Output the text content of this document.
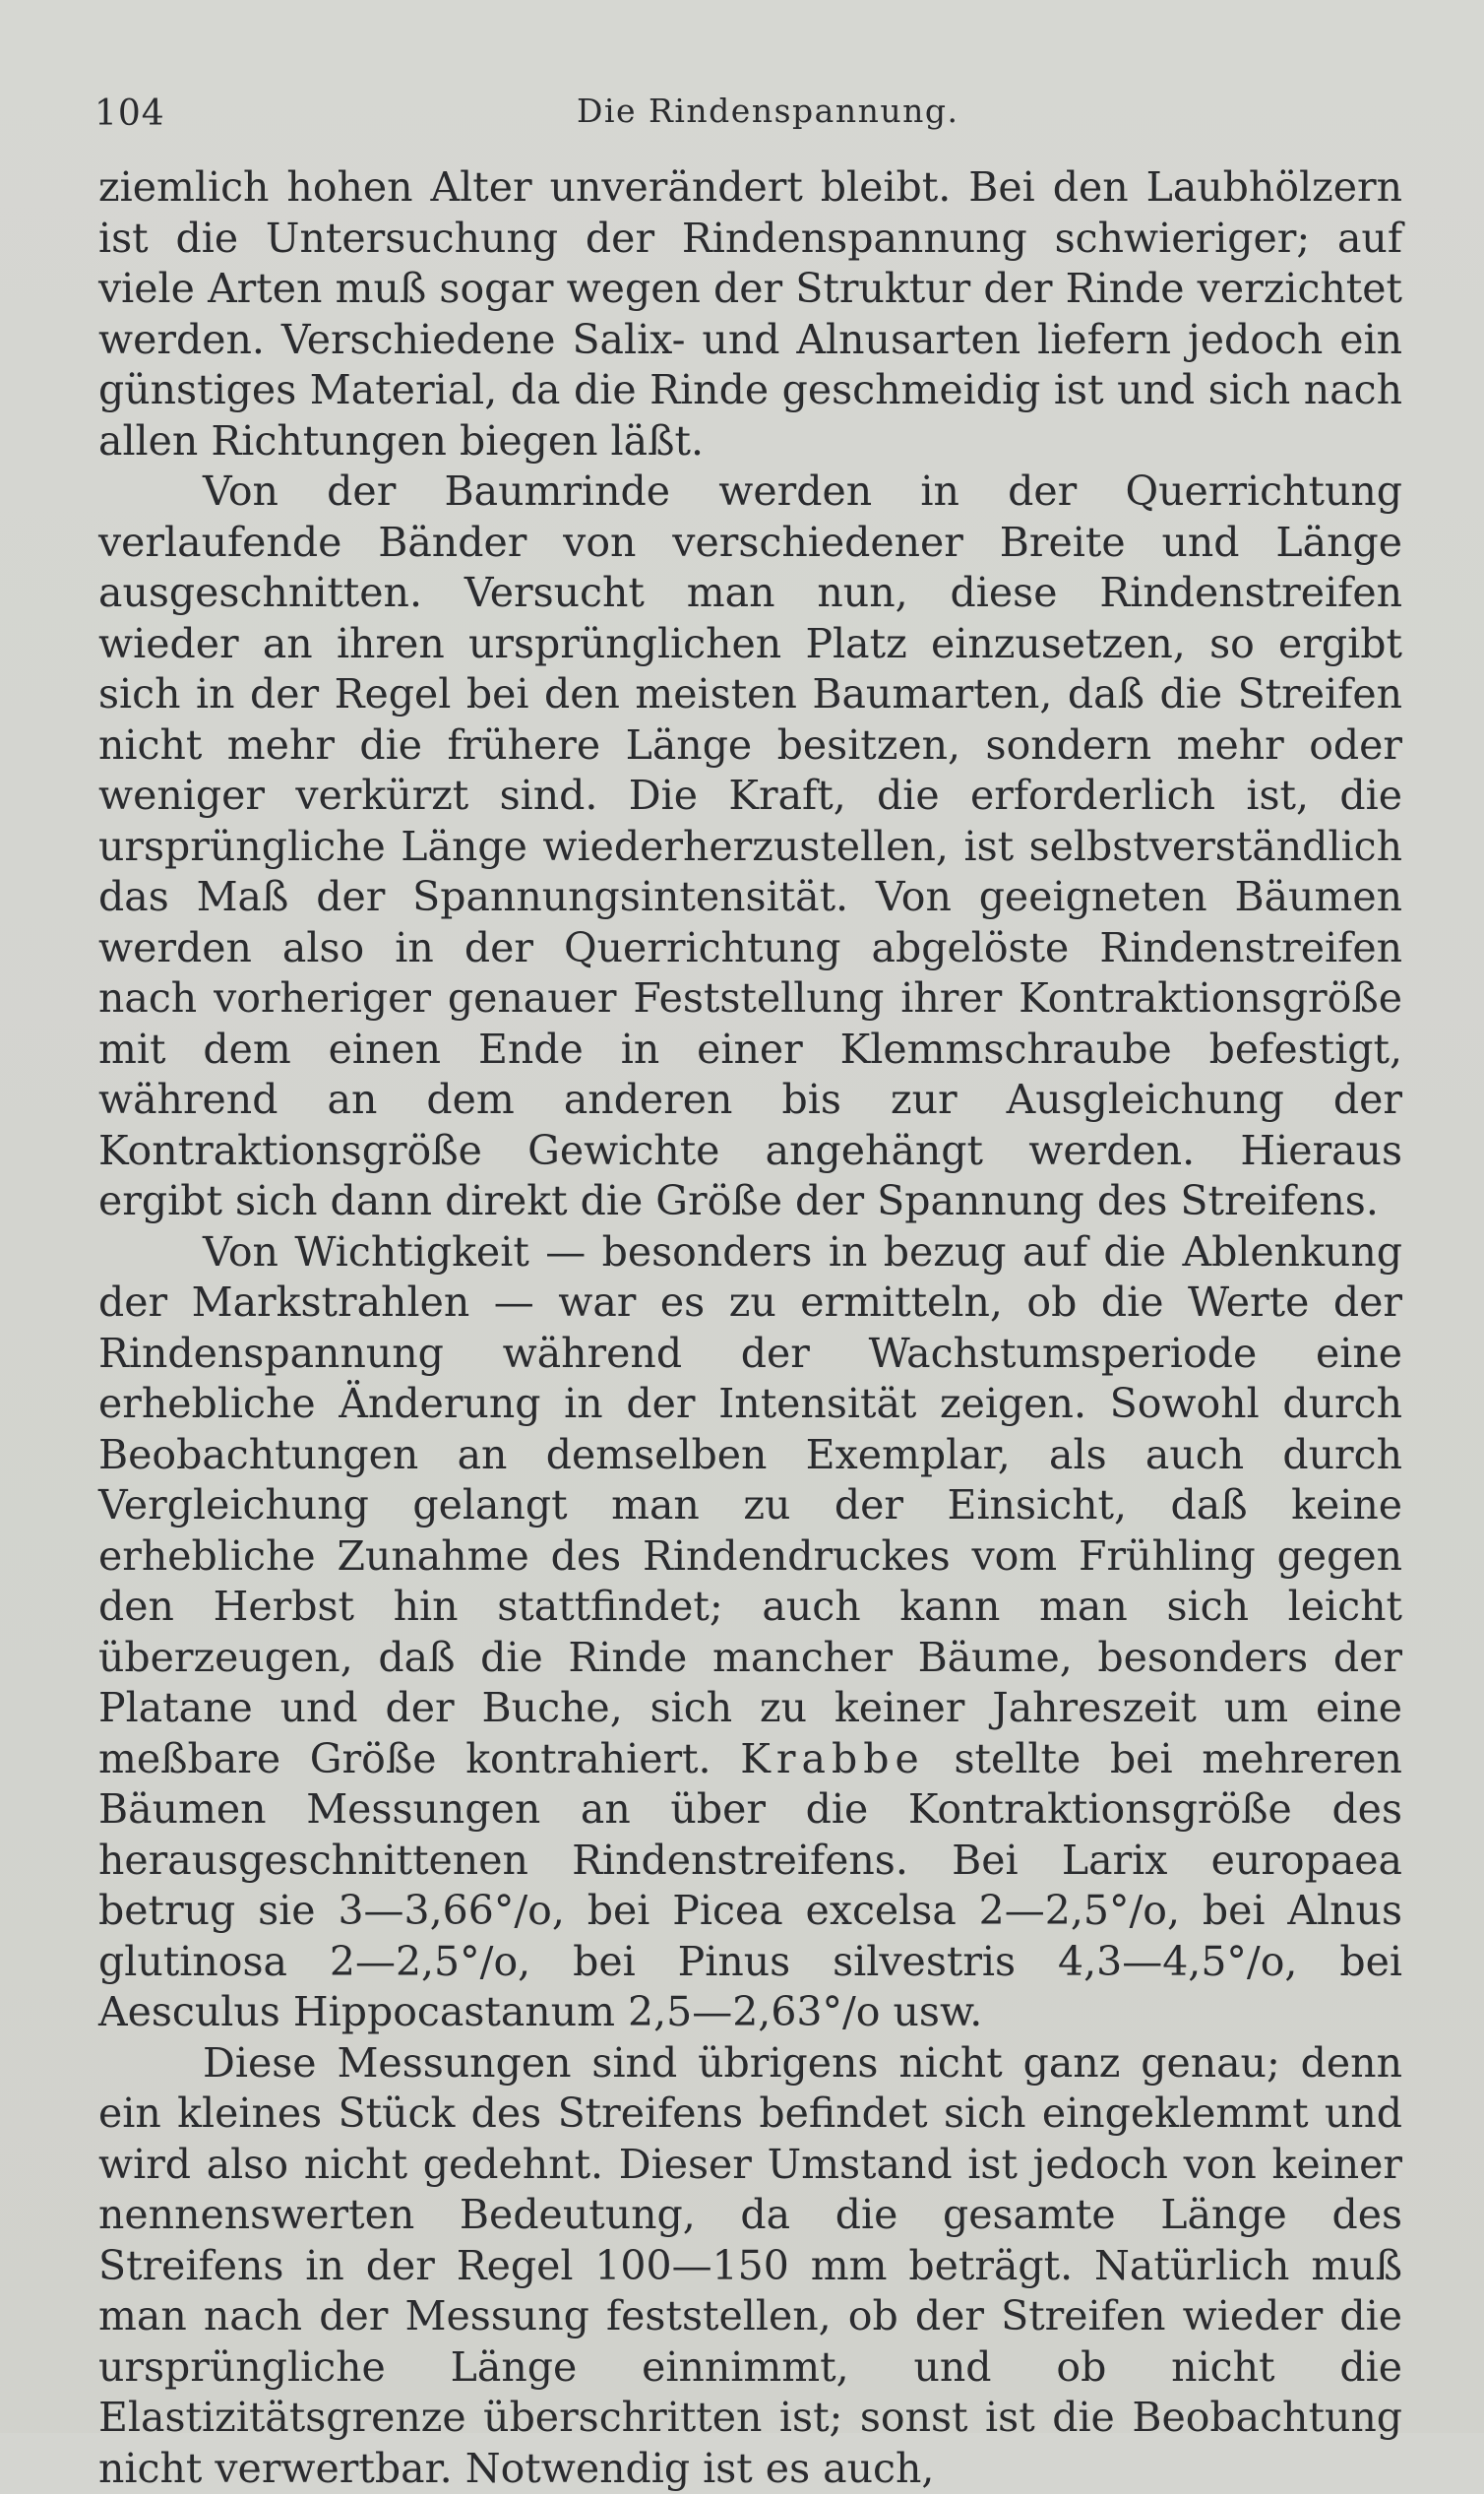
104	Die Rindenspannung.

ziemlich hohen Alter unverändert bleibt. Bei den Laubhölzern ist die Untersuchung der Rindenspannung schwieriger; auf viele Arten muß sogar wegen der Struktur der Rinde verzichtet werden. Verschiedene Salix- und Alnusarten liefern jedoch ein günstiges Material, da die Rinde geschmeidig ist und sich nach allen Richtungen biegen läßt.

Von der Baumrinde werden in der Querrichtung verlaufende Bänder von verschiedener Breite und Länge ausgeschnitten. Versucht man nun, diese Rindenstreifen wieder an ihren ursprünglichen Platz einzusetzen, so ergibt sich in der Regel bei den meisten Baumarten, daß die Streifen nicht mehr die frühere Länge besitzen, sondern mehr oder weniger verkürzt sind. Die Kraft, die erforderlich ist, die ursprüngliche Länge wiederherzustellen, ist selbstverständlich das Maß der Spannungsintensität. Von geeigneten Bäumen werden also in der Querrichtung abgelöste Rindenstreifen nach vorheriger genauer Feststellung ihrer Kontraktionsgröße mit dem einen Ende in einer Klemmschraube befestigt, während an dem anderen bis zur Ausgleichung der Kontraktionsgröße Gewichte angehängt werden. Hieraus ergibt sich dann direkt die Größe der Spannung des Streifens.

Von Wichtigkeit — besonders in bezug auf die Ablenkung der Markstrahlen — war es zu ermitteln, ob die Werte der Rindenspannung während der Wachstumsperiode eine erhebliche Änderung in der Intensität zeigen. Sowohl durch Beobachtungen an demselben Exemplar, als auch durch Vergleichung gelangt man zu der Einsicht, daß keine erhebliche Zunahme des Rindendruckes vom Frühling gegen den Herbst hin stattfindet; auch kann man sich leicht überzeugen, daß die Rinde mancher Bäume, besonders der Platane und der Buche, sich zu keiner Jahreszeit um eine meßbare Größe kontrahiert. Krabbe stellte bei mehreren Bäumen Messungen an über die Kontraktionsgröße des herausgeschnittenen Rindenstreifens. Bei Larix europaea betrug sie 3—3,66°/o, bei Picea excelsa 2—2,5°/o, bei Alnus glutinosa 2—2,5°/o, bei Pinus silvestris 4,3—4,5°/o, bei Aesculus Hippocastanum 2,5—2,63°/o usw.

Diese Messungen sind übrigens nicht ganz genau; denn ein kleines Stück des Streifens befindet sich eingeklemmt und wird also nicht gedehnt. Dieser Umstand ist jedoch von keiner nennenswerten Bedeutung, da die gesamte Länge des Streifens in der Regel 100—150 mm beträgt. Natürlich muß man nach der Messung feststellen, ob der Streifen wieder die ursprüngliche Länge einnimmt, und ob nicht die Elastizitätsgrenze überschritten ist; sonst ist die Beobachtung nicht verwertbar. Notwendig ist es auch,
